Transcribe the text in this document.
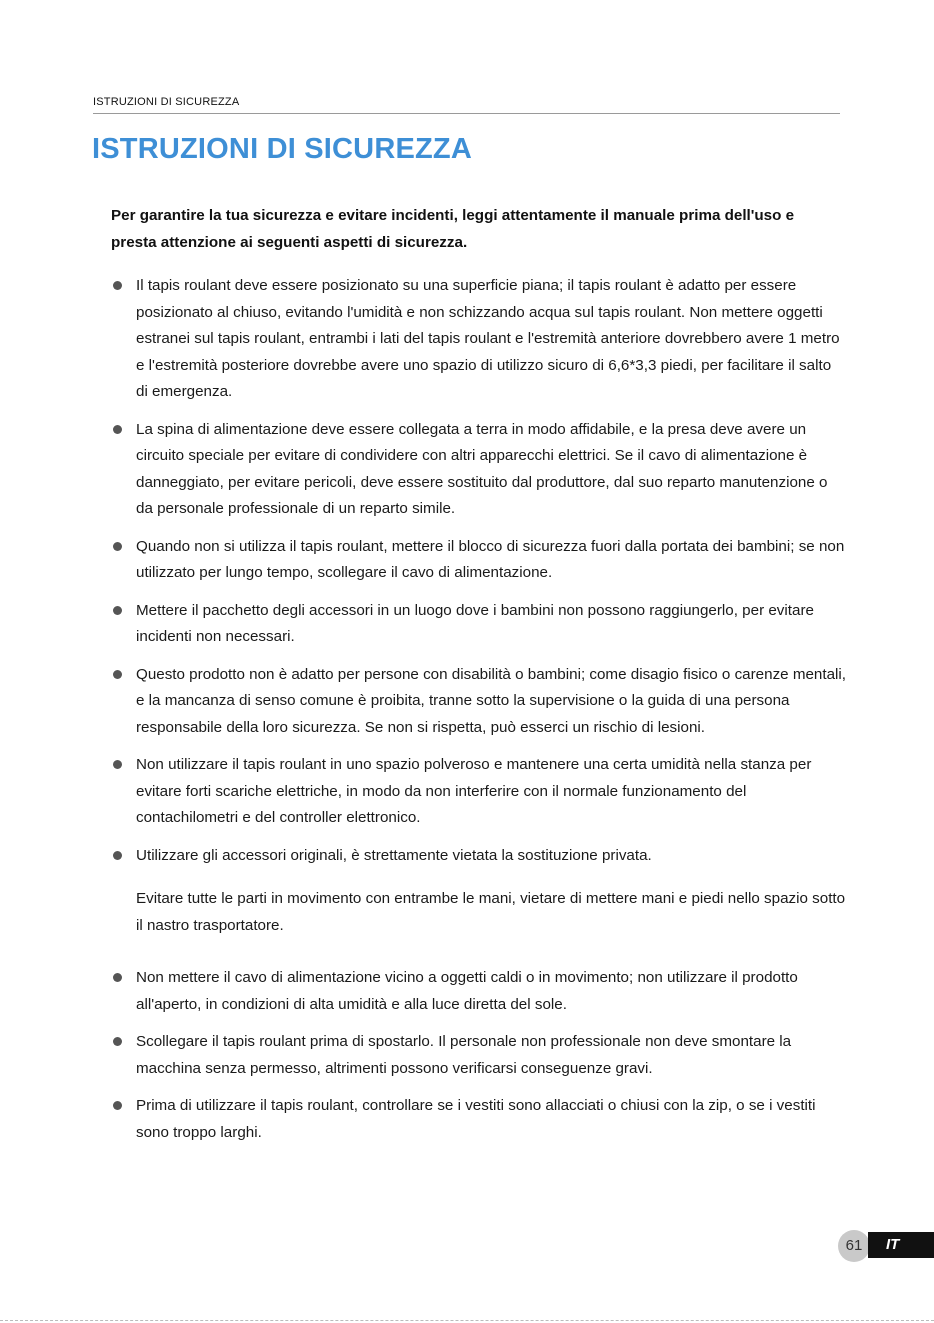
ISTRUZIONI DI SICUREZZA
ISTRUZIONI DI SICUREZZA
Per garantire la tua sicurezza e evitare incidenti, leggi attentamente il manuale prima dell'uso e presta attenzione ai seguenti aspetti di sicurezza.
Il tapis roulant deve essere posizionato su una superficie piana; il tapis roulant è adatto per essere posizionato al chiuso, evitando l'umidità e non schizzando acqua sul tapis roulant. Non mettere oggetti estranei sul tapis roulant, entrambi i lati del tapis roulant e l'estremità anteriore dovrebbero avere 1 metro e l'estremità posteriore dovrebbe avere uno spazio di utilizzo sicuro di 6,6*3,3 piedi, per facilitare il salto di emergenza.
La spina di alimentazione deve essere collegata a terra in modo affidabile, e la presa deve avere un circuito speciale per evitare di condividere con altri apparecchi elettrici. Se il cavo di alimentazione è danneggiato, per evitare pericoli, deve essere sostituito dal produttore, dal suo reparto manutenzione o da personale professionale di un reparto simile.
Quando non si utilizza il tapis roulant, mettere il blocco di sicurezza fuori dalla portata dei bambini; se non utilizzato per lungo tempo, scollegare il cavo di alimentazione.
Mettere il pacchetto degli accessori in un luogo dove i bambini non possono raggiungerlo, per evitare incidenti non necessari.
Questo prodotto non è adatto per persone con disabilità o bambini; come disagio fisico o carenze mentali, e la mancanza di senso comune è proibita, tranne sotto la supervisione o la guida di una persona responsabile della loro sicurezza. Se non si rispetta, può esserci un rischio di lesioni.
Non utilizzare il tapis roulant in uno spazio polveroso e mantenere una certa umidità nella stanza per evitare forti scariche elettriche, in modo da non interferire con il normale funzionamento del contachilometri e del controller elettronico.
Utilizzare gli accessori originali, è strettamente vietata la sostituzione privata.
Evitare tutte le parti in movimento con entrambe le mani, vietare di mettere mani e piedi nello spazio sotto il nastro trasportatore.
Non mettere il cavo di alimentazione vicino a oggetti caldi o in movimento; non utilizzare il prodotto all'aperto, in condizioni di alta umidità e alla luce diretta del sole.
Scollegare il tapis roulant prima di spostarlo. Il personale non professionale non deve smontare la macchina senza permesso, altrimenti possono verificarsi conseguenze gravi.
Prima di utilizzare il tapis roulant, controllare se i vestiti sono allacciati o chiusi con la zip, o se i vestiti sono troppo larghi.
61	IT
